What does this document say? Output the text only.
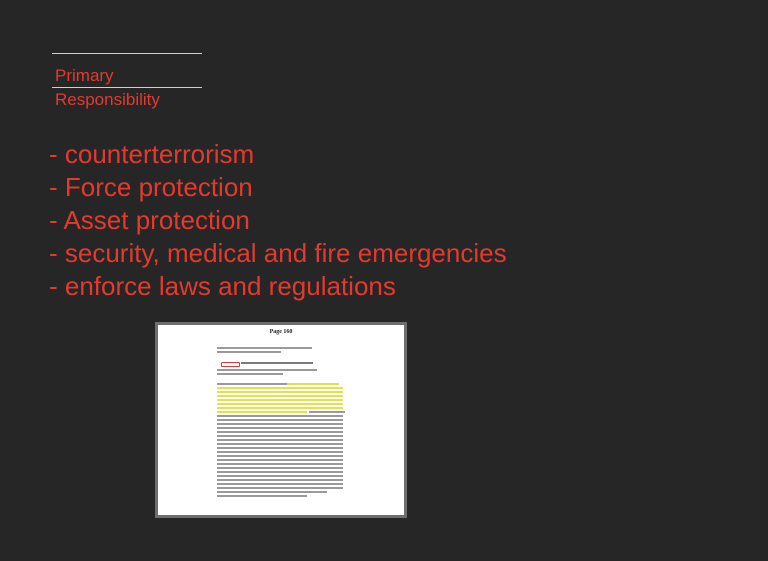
Primary
Responsibility
- counterterrorism
- Force protection
- Asset protection
- security, medical and fire emergencies
- enforce laws and regulations
Page 160
